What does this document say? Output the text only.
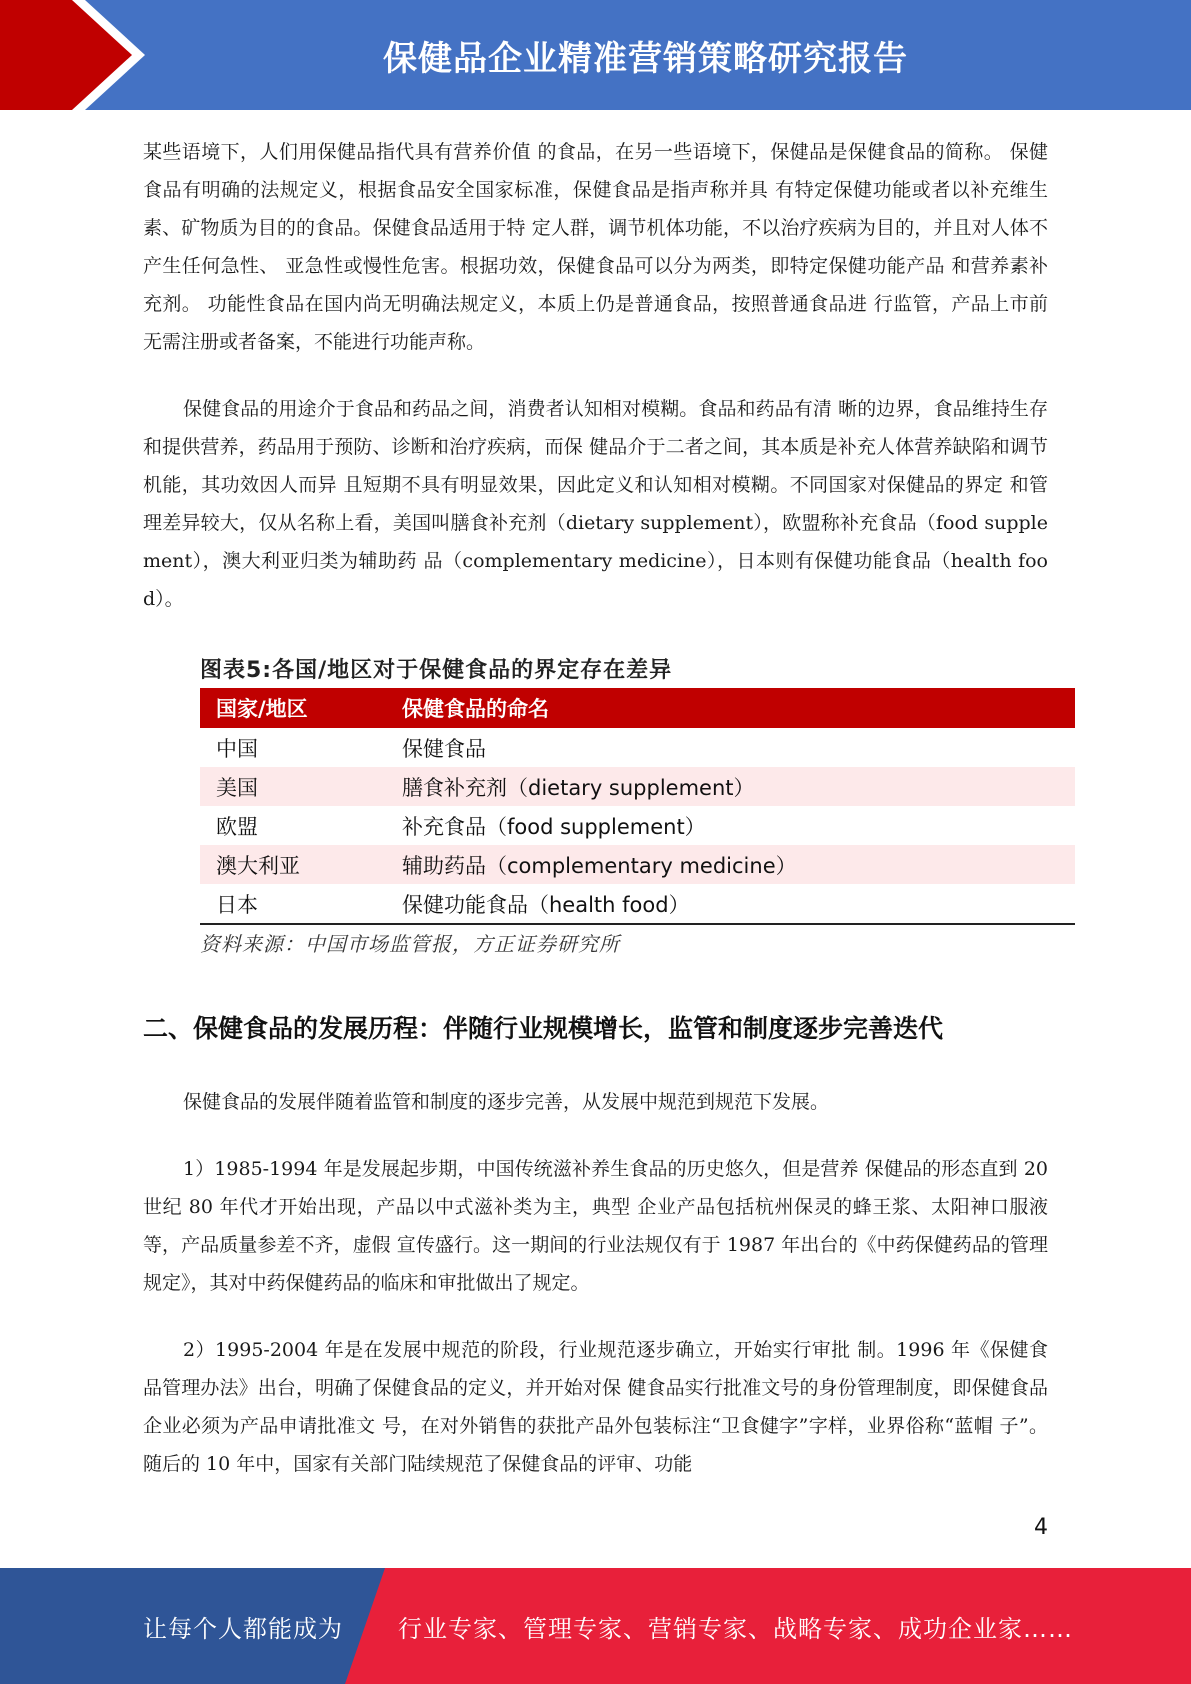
保健品企业精准营销策略研究报告

某些语境下，人们用保健品指代具有营养价值 的食品，在另一些语境下，保健品是保健食品的简称。 保健食品有明确的法规定义，根据食品安全国家标准，保健食品是指声称并具 有特定保健功能或者以补充维生素、矿物质为目的的食品。保健食品适用于特 定人群，调节机体功能，不以治疗疾病为目的，并且对人体不产生任何急性、 亚急性或慢性危害。根据功效，保健食品可以分为两类，即特定保健功能产品 和营养素补充剂。 功能性食品在国内尚无明确法规定义，本质上仍是普通食品，按照普通食品进 行监管，产品上市前无需注册或者备案，不能进行功能声称。

保健食品的用途介于食品和药品之间，消费者认知相对模糊。食品和药品有清 晰的边界，食品维持生存和提供营养，药品用于预防、诊断和治疗疾病，而保 健品介于二者之间，其本质是补充人体营养缺陷和调节机能，其功效因人而异 且短期不具有明显效果，因此定义和认知相对模糊。不同国家对保健品的界定 和管理差异较大，仅从名称上看，美国叫膳食补充剂（dietary supplement），欧盟称补充食品（food supplement），澳大利亚归类为辅助药 品（complementary medicine），日本则有保健功能食品（health food）。

图表5:各国/地区对于保健食品的界定存在差异
国家/地区	保健食品的命名
中国	保健食品
美国	膳食补充剂（dietary supplement）
欧盟	补充食品（food supplement）
澳大利亚	辅助药品（complementary medicine）
日本	保健功能食品（health food）
资料来源：中国市场监管报，方正证券研究所
二、保健食品的发展历程：伴随行业规模增长，监管和制度逐步完善迭代

保健食品的发展伴随着监管和制度的逐步完善，从发展中规范到规范下发展。

1）1985-1994 年是发展起步期，中国传统滋补养生食品的历史悠久，但是营养 保健品的形态直到 20 世纪 80 年代才开始出现，产品以中式滋补类为主，典型 企业产品包括杭州保灵的蜂王浆、太阳神口服液等，产品质量参差不齐，虚假 宣传盛行。这一期间的行业法规仅有于 1987 年出台的《中药保健药品的管理 规定》，其对中药保健药品的临床和审批做出了规定。

2）1995-2004 年是在发展中规范的阶段，行业规范逐步确立，开始实行审批 制。1996 年《保健食品管理办法》出台，明确了保健食品的定义，并开始对保 健食品实行批准文号的身份管理制度，即保健食品企业必须为产品申请批准文 号，在对外销售的获批产品外包装标注“卫食健字”字样，业界俗称“蓝帽 子”。随后的 10 年中，国家有关部门陆续规范了保健食品的评审、功能

4
让每个人都能成为 行业专家、管理专家、营销专家、战略专家、成功企业家……
